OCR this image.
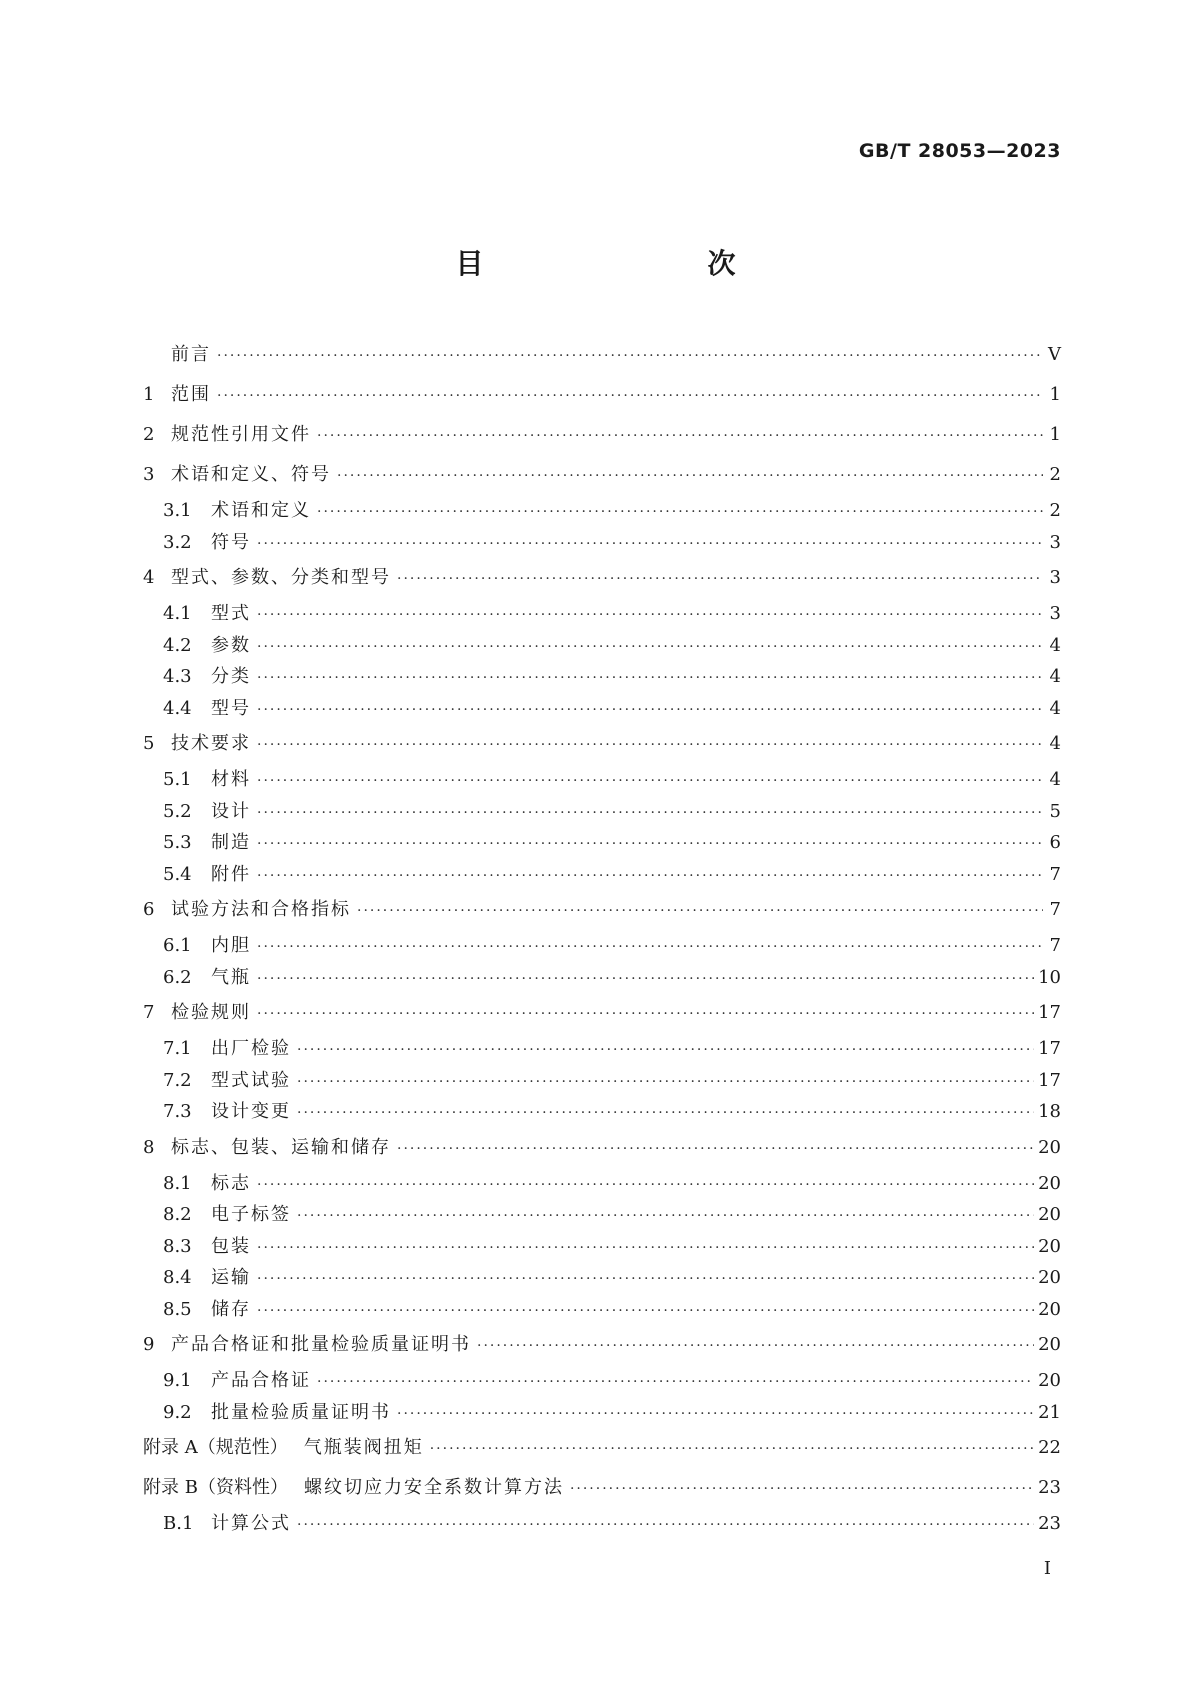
GB/T 28053—2023
目　　次
前言 ·····	V
1 范围 ·····	1
2 规范性引用文件 ·····	1
3 术语和定义、符号 ·····	2
3.1	术语和定义 ·····	2
3.2	符号 ·····	3
4 型式、参数、分类和型号 ·····	3
4.1	型式 ·····	3
4.2	参数 ·····	4
4.3	分类 ·····	4
4.4	型号 ·····	4
5 技术要求 ·····	4
5.1	材料 ·····	4
5.2	设计 ·····	5
5.3	制造 ·····	6
5.4	附件 ·····	7
6 试验方法和合格指标 ·····	7
6.1	内胆 ·····	7
6.2	气瓶 ·····	10
7 检验规则 ·····	17
7.1	出厂检验 ·····	17
7.2	型式试验 ·····	17
7.3	设计变更 ·····	18
8 标志、包装、运输和储存 ·····	20
8.1	标志 ·····	20
8.2	电子标签 ·····	20
8.3	包装 ·····	20
8.4	运输 ·····	20
8.5	储存 ·····	20
9 产品合格证和批量检验质量证明书 ·····	20
9.1	产品合格证 ·····	20
9.2	批量检验质量证明书 ·····	21
附录 A（规范性） 气瓶装阀扭矩 ·····	22
附录 B（资料性） 螺纹切应力安全系数计算方法 ·····	23
B.1 计算公式 ·····	23
I
